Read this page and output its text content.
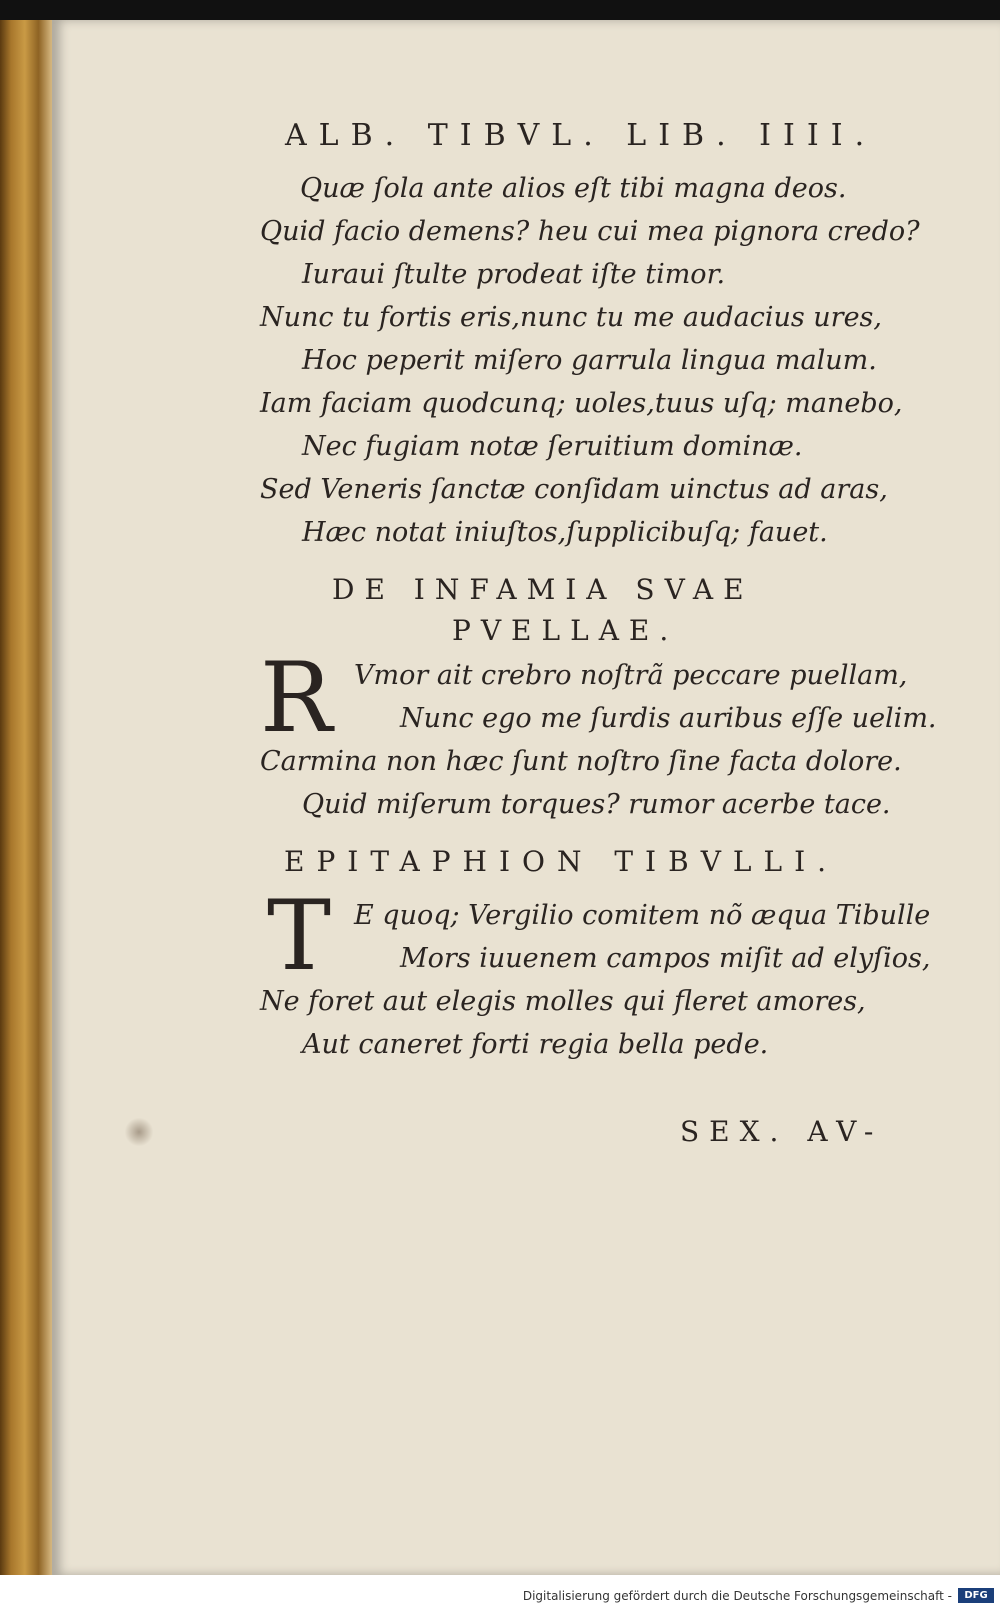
ALB. TIBVL. LIB. IIII.
Quæ ſola ante alios eſt tibi magna deos.
Quid facio demens? heu cui mea pignora credo?
Iuraui ſtulte prodeat iſte timor.
Nunc tu fortis eris,nunc tu me audacius ures,
Hoc peperit miſero garrula lingua malum.
Iam faciam quodcunq; uoles,tuus uſq; manebo,
Nec fugiam notæ ſeruitium dominæ.
Sed Veneris ſanctæ conſidam uinctus ad aras,
Hæc notat iniuſtos,ſupplicibuſq; fauet.
DE INFAMIA SVAE
PVELLAE.
R Vmor ait crebro noſtrã peccare puellam,
Nunc ego me ſurdis auribus eſſe uelim.
Carmina non hæc ſunt noſtro ſine facta dolore.
Quid miſerum torques? rumor acerbe tace.
EPITAPHION TIBVLLI.
T E quoq; Vergilio comitem nõ æqua Tibulle
Mors iuuenem campos miſit ad elyſios,
Ne foret aut elegis molles qui fleret amores,
Aut caneret forti regia bella pede.
SEX. AV-
Digitalisierung gefördert durch die Deutsche Forschungsgemeinschaft -	DFG
